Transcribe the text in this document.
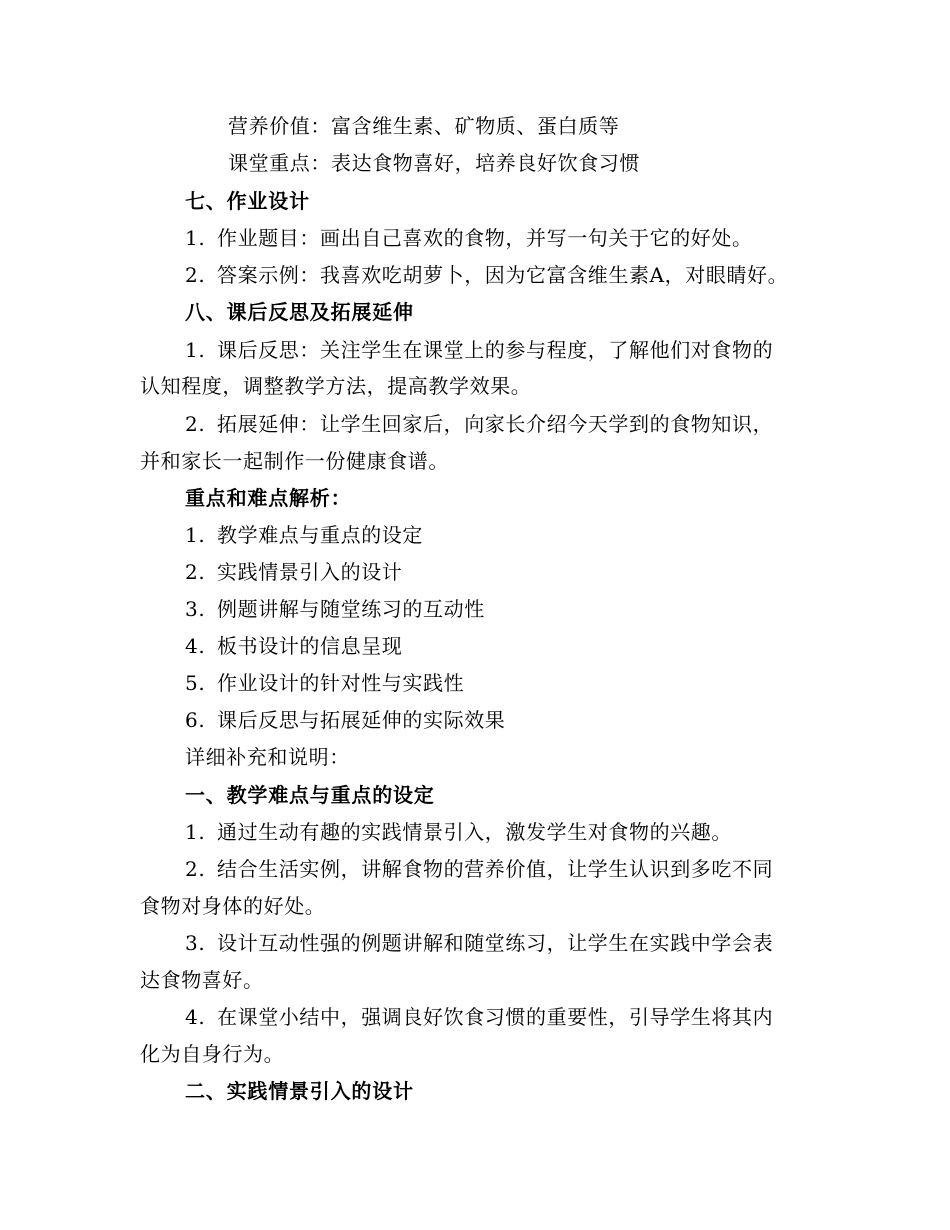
营养价值：富含维生素、矿物质、蛋白质等
课堂重点：表达食物喜好，培养良好饮食习惯
七、作业设计
1. 作业题目：画出自己喜欢的食物，并写一句关于它的好处。
2. 答案示例：我喜欢吃胡萝卜，因为它富含维生素A，对眼睛好。
八、课后反思及拓展延伸
1. 课后反思：关注学生在课堂上的参与程度，了解他们对食物的
认知程度，调整教学方法，提高教学效果。
2. 拓展延伸：让学生回家后，向家长介绍今天学到的食物知识，
并和家长一起制作一份健康食谱。
重点和难点解析：
1. 教学难点与重点的设定
2. 实践情景引入的设计
3. 例题讲解与随堂练习的互动性
4. 板书设计的信息呈现
5. 作业设计的针对性与实践性
6. 课后反思与拓展延伸的实际效果
详细补充和说明：
一、教学难点与重点的设定
1. 通过生动有趣的实践情景引入，激发学生对食物的兴趣。
2. 结合生活实例，讲解食物的营养价值，让学生认识到多吃不同
食物对身体的好处。
3. 设计互动性强的例题讲解和随堂练习，让学生在实践中学会表
达食物喜好。
4. 在课堂小结中，强调良好饮食习惯的重要性，引导学生将其内
化为自身行为。
二、实践情景引入的设计
